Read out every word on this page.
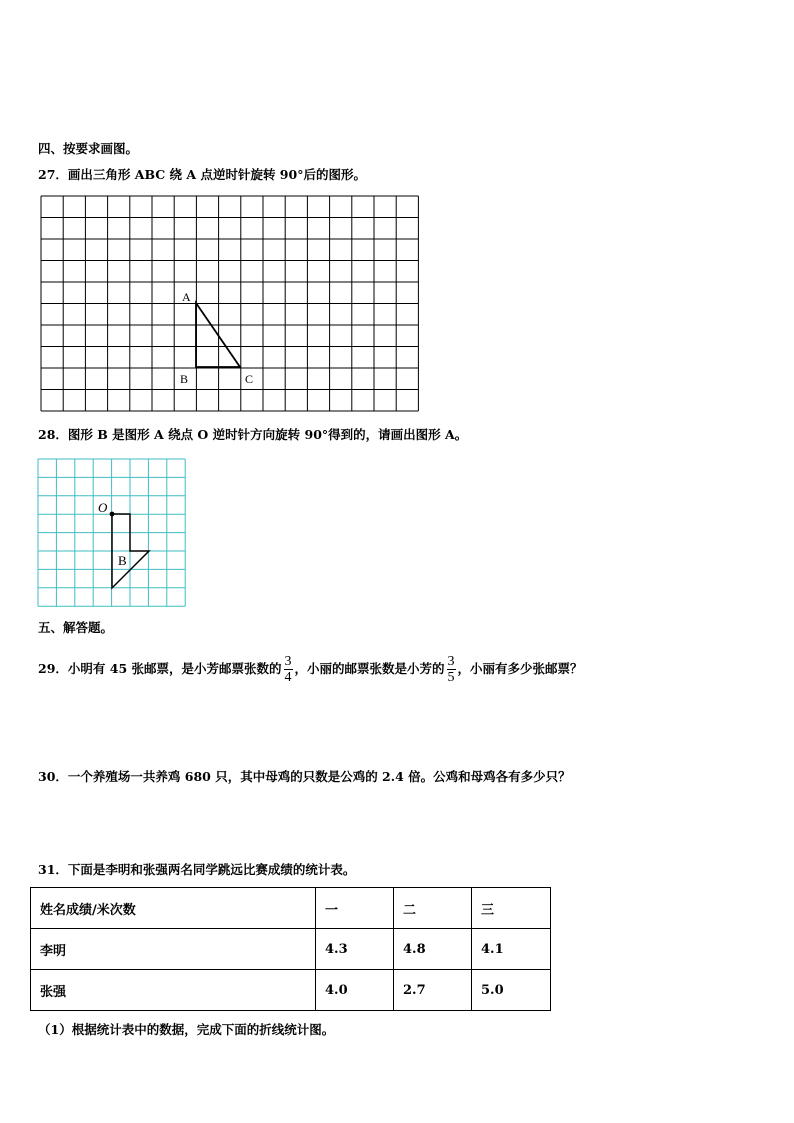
四、按要求画图。
27．画出三角形 ABC 绕 A 点逆时针旋转 90°后的图形。
A
B	C
28．图形 B 是图形 A 绕点 O 逆时针方向旋转 90°得到的，请画出图形 A。
O
B
五、解答题。
29．小明有 45 张邮票，是小芳邮票张数的 $\frac{3}{4}$ ，小丽的邮票张数是小芳的 $\frac{3}{5}$ ，小丽有多少张邮票？
30．一个养殖场一共养鸡 680 只，其中母鸡的只数是公鸡的 2.4 倍。公鸡和母鸡各有多少只？
31．下面是李明和张强两名同学跳远比赛成绩的统计表。
姓名成绩/米次数	一	二	三
李明	4.3	4.8	4.1
张强	4.0	2.7	5.0
（1）根据统计表中的数据，完成下面的折线统计图。
